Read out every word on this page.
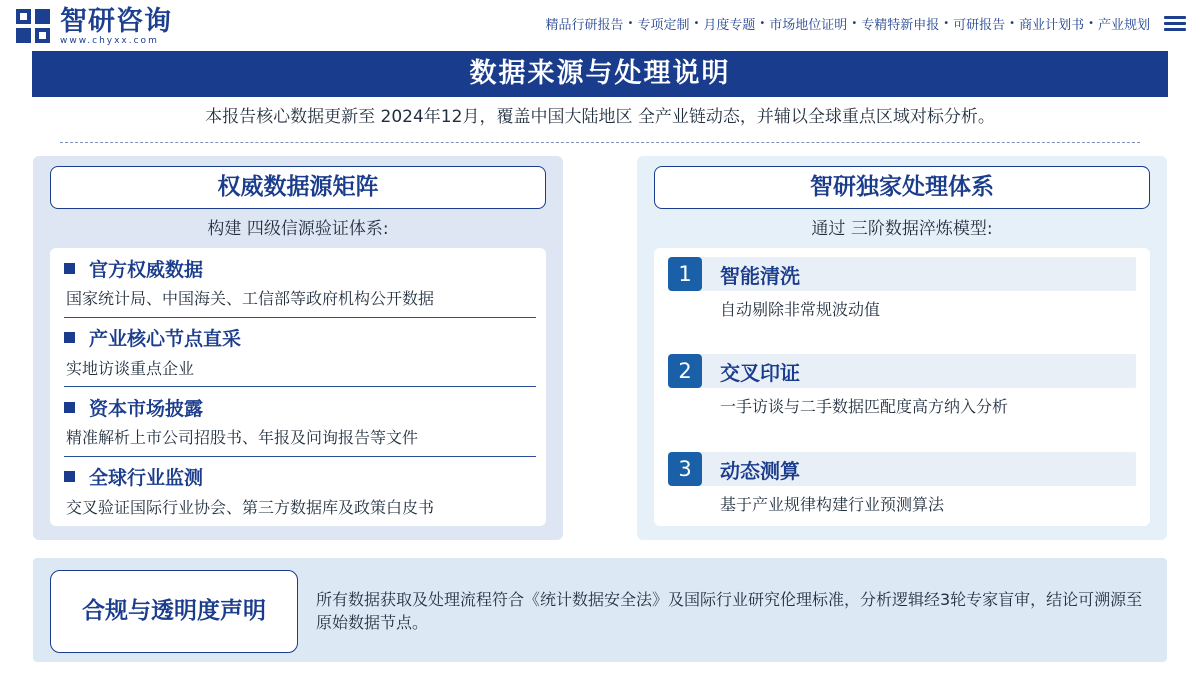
智研咨询
www.chyxx.com
精品行研报告 • 专项定制 • 月度专题 • 市场地位证明 • 专精特新申报 • 可研报告 • 商业计划书 • 产业规划
数据来源与处理说明
本报告核心数据更新至 2024年12月，覆盖中国大陆地区 全产业链动态，并辅以全球重点区域对标分析。
权威数据源矩阵
构建 四级信源验证体系:
官方权威数据
国家统计局、中国海关、工信部等政府机构公开数据
产业核心节点直采
实地访谈重点企业
资本市场披露
精准解析上市公司招股书、年报及问询报告等文件
全球行业监测
交叉验证国际行业协会、第三方数据库及政策白皮书
智研独家处理体系
通过 三阶数据淬炼模型:
1	智能清洗
自动剔除非常规波动值
2	交叉印证
一手访谈与二手数据匹配度高方纳入分析
3	动态测算
基于产业规律构建行业预测算法
合规与透明度声明	所有数据获取及处理流程符合《统计数据安全法》及国际行业研究伦理标准，分析逻辑经3轮专家盲审，结论可溯源至原始数据节点。
